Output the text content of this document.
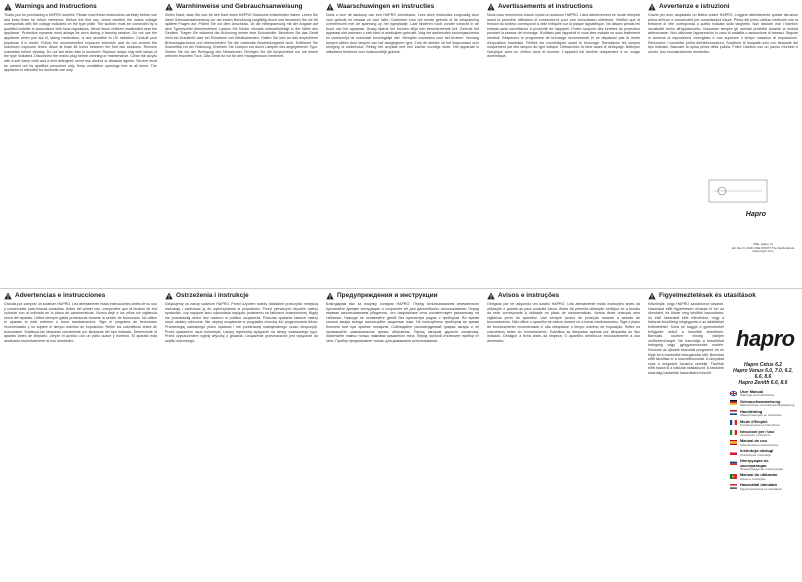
Warnings and Instructions

Thank you for purchasing a HAPRO sunbed. Please read these instructions carefully before use and keep them for future reference. Before the first use, check whether the mains voltage corresponds with the voltage indicated on the type plate. The sunbed must be connected by a qualified installer in accordance with local regulations. Never leave children unattended near the appliance. Protective eyewear must always be worn during a tanning session. Do not use the appliance when you are ill, taking medication, or are sensitive to UV radiation. Consult your physician if in doubt. Follow the recommended exposure schedule and do not exceed the maximum exposure times. Allow at least 48 hours between the first two sessions. Remove cosmetics before tanning. Do not tan when skin is sunburnt. Replace lamps only with lamps of the type indicated. Disconnect the mains plug before cleaning or maintenance. Clean the acrylic with a soft damp cloth and a mild detergent; never use alcohol or abrasive agents. Service must be carried out by qualified personnel only. Keep ventilation openings free at all times. The appliance is intended for domestic use only.

Warnhinweise und Gebrauchsanweisung

Vielen Dank, dass Sie sich für den Kauf eines HAPRO Solariums entschieden haben. Lesen Sie diese Gebrauchsanweisung vor der ersten Benutzung sorgfältig durch und bewahren Sie sie für spätere Fragen auf. Prüfen Sie vor dem Anschluss, ob die Netzspannung mit der Angabe auf dem Typenschild übereinstimmt. Lassen Sie Kinder niemals unbeaufsichtigt in der Nähe des Gerätes. Tragen Sie während der Bräunung immer eine Schutzbrille. Benutzen Sie das Gerät nicht bei Krankheit oder bei Einnahme von Medikamenten. Halten Sie sich an das empfohlene Bräunungsschema und überschreiten Sie die maximale Bestrahlungszeit nicht. Entfernen Sie Kosmetika vor der Bräunung. Ersetzen Sie Lampen nur durch Lampen des angegebenen Typs. Ziehen Sie vor der Reinigung den Netzstecker. Reinigen Sie die Acrylscheibe nur mit einem weichen feuchten Tuch. Das Gerät ist nur für den Hausgebrauch bestimmt.

Waarschuwingen en instructies

Dank u voor de aankoop van een HAPRO zonnebank. Lees deze instructies zorgvuldig door voor gebruik en bewaar ze voor later. Controleer voor het eerste gebruik of de netspanning overeenkomt met de spanning op het typeplaatje. Laat kinderen nooit zonder toezicht in de buurt van het apparaat. Draag tijdens het bruinen altijd een beschermende bril. Gebruik het apparaat niet wanneer u ziek bent of medicijnen gebruikt. Volg het aanbevolen bruiningsschema en overschrijd de maximale bruiningstijd niet. Verwijder cosmetica voor het bruinen. Vervang lampen alleen door lampen van het aangegeven type. Trek de stekker uit het stopcontact voor reiniging of onderhoud. Reinig het acrylaat met een zachte vochtige doek. Het apparaat is uitsluitend bestemd voor huishoudelijk gebruik.

Avertissements et instructions

Nous vous remercions d'avoir choisi un solarium HAPRO. Lisez attentivement ce mode d'emploi avant la première utilisation et conservez-le pour une consultation ultérieure. Vérifiez que la tension du secteur correspond à celle indiquée sur la plaque signalétique. Ne laissez jamais les enfants sans surveillance à proximité de l'appareil. Portez toujours des lunettes de protection pendant la séance de bronzage. N'utilisez pas l'appareil si vous êtes malade ou sous traitement médical. Respectez le programme de bronzage recommandé et ne dépassez pas la durée d'exposition maximale. Retirez les cosmétiques avant le bronzage. Remplacez les lampes uniquement par des lampes du type indiqué. Débranchez la fiche avant le nettoyage. Nettoyez l'acrylique avec un chiffon doux et humide. L'appareil est destiné uniquement à un usage domestique.

Avvertenze e istruzioni

Grazie per aver acquistato un lettino solare HAPRO. Leggere attentamente queste istruzioni prima dell'uso e conservarle per consultazioni future. Prima del primo utilizzo verificare che la tensione di rete corrisponda a quella indicata sulla targhetta. Non lasciare mai i bambini incustoditi vicino all'apparecchio. Indossare sempre gli occhiali protettivi durante la seduta abbronzante. Non utilizzare l'apparecchio in caso di malattia o assunzione di farmaci. Seguire lo schema di esposizione consigliato e non superare il tempo massimo di esposizione. Rimuovere i cosmetici prima dell'abbronzatura. Sostituire le lampade solo con lampade del tipo indicato. Staccare la spina prima della pulizia. Pulire l'acrilico con un panno morbido e umido. Uso esclusivamente domestico.

Hapro
VDE, Hapro nv
EC Dec 9, 2020 VDE 0700T7 The Netherlands
www.hapro.com
Advertencias e instrucciones

Gracias por comprar un solárium HAPRO. Lea atentamente estas instrucciones antes de su uso y consérvelas para futuras consultas. Antes del primer uso, compruebe que la tensión de red coincide con la indicada en la placa de características. Nunca deje a los niños sin vigilancia cerca del aparato. Utilice siempre gafas protectoras durante la sesión de bronceado. No utilice el aparato si está enfermo o toma medicamentos. Siga el programa de bronceado recomendado y no supere el tiempo máximo de exposición. Retire los cosméticos antes de broncearse. Sustituya las lámparas únicamente por lámparas del tipo indicado. Desenchufe el aparato antes de limpiarlo. Limpie el acrílico con un paño suave y húmedo. El aparato está destinado exclusivamente al uso doméstico.

Ostrzeżenia i instrukcje

Dziękujemy za zakup solarium HAPRO. Przed użyciem należy dokładnie przeczytać niniejszą instrukcję i zachować ją do wykorzystania w przyszłości. Przed pierwszym użyciem należy sprawdzić, czy napięcie sieci odpowiada napięciu podanemu na tabliczce znamionowej. Nigdy nie pozostawiaj dzieci bez nadzoru w pobliżu urządzenia. Podczas opalania zawsze należy nosić okulary ochronne. Nie używaj urządzenia w przypadku choroby lub przyjmowania leków. Przestrzegaj zalecanego planu opalania i nie przekraczaj maksymalnego czasu ekspozycji. Przed opalaniem usuń kosmetyki. Lampy wymieniaj wyłącznie na lampy wskazanego typu. Przed czyszczeniem wyjmij wtyczkę z gniazda. Urządzenie przeznaczone jest wyłącznie do użytku domowego.

Предупреждения и инструкции

Благодарим вас за покупку солярия HAPRO. Перед использованием внимательно прочитайте данную инструкцию и сохраните её для дальнейшего использования. Перед первым использованием убедитесь, что напряжение сети соответствует указанному на табличке. Никогда не оставляйте детей без присмотра рядом с прибором. Во время сеанса загара всегда используйте защитные очки. Не пользуйтесь прибором во время болезни или при приёме лекарств. Соблюдайте рекомендуемый график загара и не превышайте максимальное время облучения. Перед загаром удалите косметику. Заменяйте лампы только лампами указанного типа. Перед чисткой отключите прибор от сети. Прибор предназначен только для домашнего использования.

Avisos e instruções

Obrigado por ter adquirido um solário HAPRO. Leia atentamente estas instruções antes da utilização e guarde-as para consulta futura. Antes da primeira utilização verifique se a tensão da rede corresponde à indicada na placa de características. Nunca deixe crianças sem vigilância perto do aparelho. Use sempre óculos de proteção durante a sessão de bronzeamento. Não utilize o aparelho se estiver doente ou a tomar medicamentos. Siga o plano de bronzeamento recomendado e não ultrapasse o tempo máximo de exposição. Retire os cosméticos antes do bronzeamento. Substitua as lâmpadas apenas por lâmpadas do tipo indicado. Desligue a ficha antes da limpeza. O aparelho destina-se exclusivamente a uso doméstico.

Figyelmeztetések és utasítások

Köszönjük, hogy HAPRO szoláriumot vásárolt. Használat előtt figyelmesen olvassa el ezt az útmutatót, és őrizze meg későbbi használatra. Az első használat előtt ellenőrizze, hogy a hálózati feszültség megegyezik-e az adattáblán feltüntetettel. Soha ne hagyja a gyermekeket felügyelet nélkül a készülék közelében. Barnulás közben mindig viseljen védőszemüveget. Ne használja a készüléket betegség vagy gyógyszerszedés esetén. Kövesse az ajánlott barnulási programot, és ne lépje túl a maximális besugárzási időt. Barnulás előtt távolítsa el a kozmetikumokat. A lámpákat csak a megadott típusúra cserélje. Tisztítás előtt húzza ki a hálózati csatlakozót. A készülék kizárólag háztartási használatra készült.

hapro
Hapro Cetus 6.2
Hapro Venus 6.0, 7.0, 6.2, 6.6, 8.6
Hapro Zenith 6.6, 8.6
User Manual
Warnings and instructions
Gebrauchsanweisung
Warnhinweise und Gebrauchsanweisung
Handleiding
Waarschuwingen en instructies
Mode d'Emploi
Avertissements et instructions
Istruzioni per l'uso
Avvertenze e istruzioni
Manual de uso
Advertencias e instrucciones
Instrukcja obsługi
Ostrzeżenia i instrukcje
Инструкция по эксплуатации
Предупреждения и инструкции
Manual do utilizador
Avisos e instruções
Használati útmutató
Figyelmeztetések és utasítások
